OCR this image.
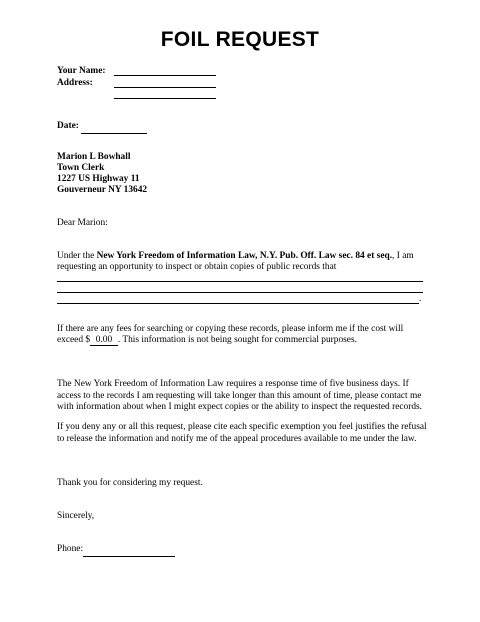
FOIL REQUEST
Your Name:
Address:
Date:
Marion L Bowhall
Town Clerk
1227 US Highway 11
Gouverneur NY 13642
Dear Marion:
Under the New York Freedom of Information Law, N.Y. Pub. Off. Law sec. 84 et seq., I am
requesting an opportunity to inspect or obtain copies of public records that
.
If there are any fees for searching or copying these records, please inform me if the cost will
exceed $ 0.00 . This information is not being sought for commercial purposes.
The New York Freedom of Information Law requires a response time of five business days. If access to the records I am requesting will take longer than this amount of time, please contact me with information about when I might expect copies or the ability to inspect the requested records.
If you deny any or all this request, please cite each specific exemption you feel justifies the refusal to release the information and notify me of the appeal procedures available to me under the law.
Thank you for considering my request.
Sincerely,
Phone:
